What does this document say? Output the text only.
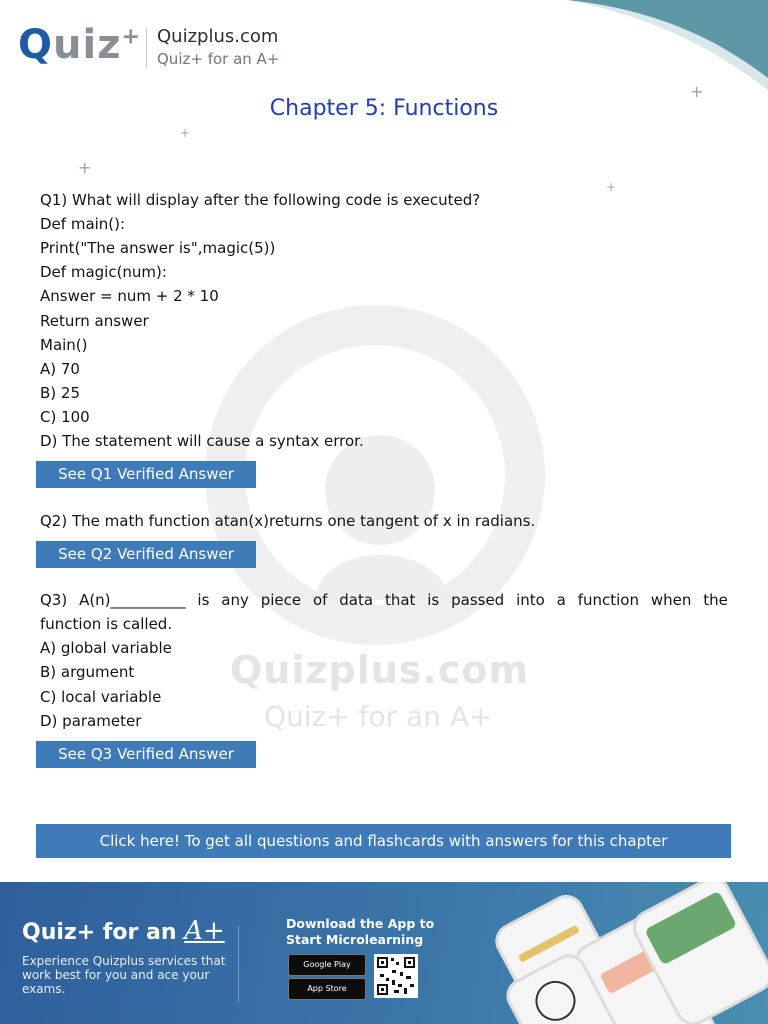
Quiz+ Quizplus.com
Quiz+ for an A+
Chapter 5: Functions
+
+
+
+
Quizplus.com
Quiz+ for an A+
Q1) What will display after the following code is executed?
Def main():
Print("The answer is",magic(5))
Def magic(num):
Answer = num + 2 * 10
Return answer
Main()
A) 70
B) 25
C) 100
D) The statement will cause a syntax error.
See Q1 Verified Answer
Q2) The math function atan(x)returns one tangent of x in radians.
See Q2 Verified Answer
Q3) A(n)__________ is any piece of data that is passed into a function when the
function is called.
A) global variable
B) argument
C) local variable
D) parameter
See Q3 Verified Answer
Click here! To get all questions and flashcards with answers for this chapter
Quiz+ for an A+
Experience Quizplus services that work best for you and ace your exams.
Download the App to
Start Microlearning
Google Play
App Store
